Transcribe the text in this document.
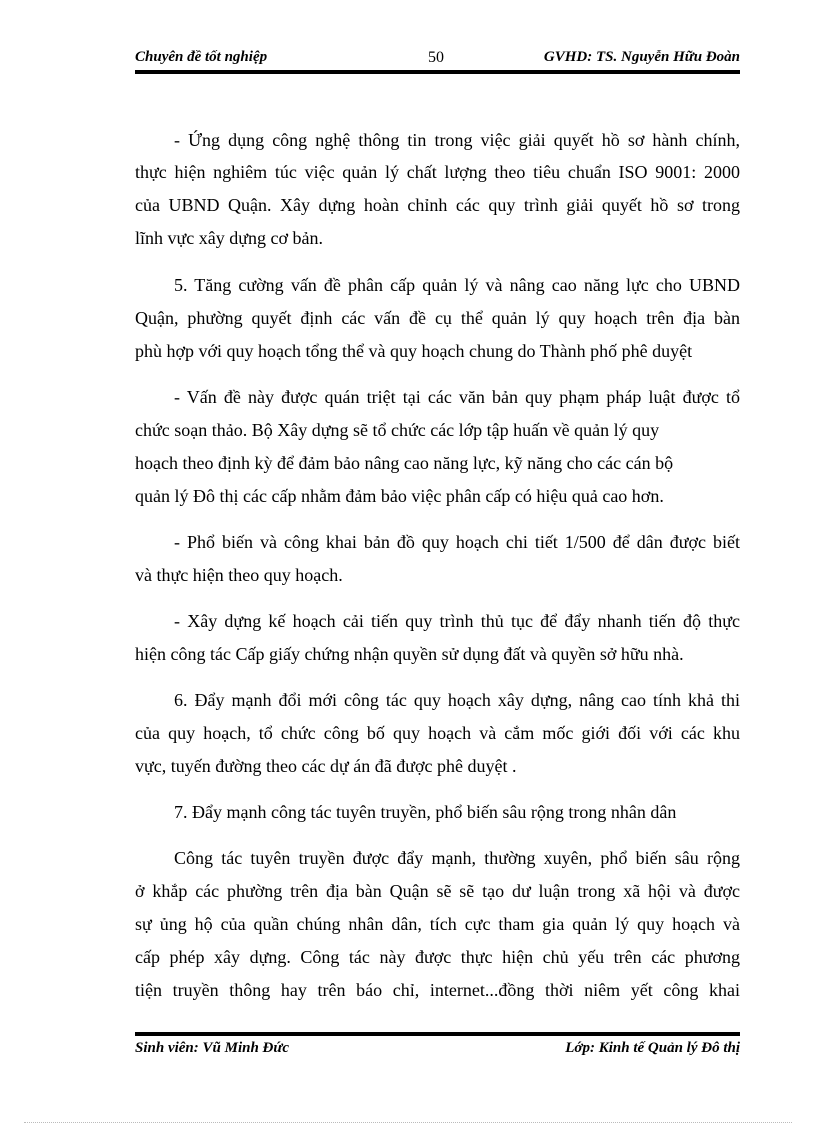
Chuyên đề tốt nghiệp	50	GVHD: TS. Nguyễn Hữu Đoàn
- Ứng dụng công nghệ thông tin trong việc giải quyết hồ sơ hành chính,
thực hiện nghiêm túc việc quản lý chất lượng theo tiêu chuẩn ISO 9001: 2000
của UBND Quận. Xây dựng hoàn chỉnh các quy trình giải quyết hồ sơ trong
lĩnh vực xây dựng cơ bản.
5. Tăng cường vấn đề phân cấp quản lý và nâng cao năng lực cho UBND
Quận, phường quyết định các vấn đề cụ thể quản lý quy hoạch trên địa bàn
phù hợp với quy hoạch tổng thể và quy hoạch chung do Thành phố phê duyệt
- Vấn đề này được quán triệt tại các văn bản quy phạm pháp luật được tổ
chức soạn thảo. Bộ Xây dựng sẽ tổ chức các lớp tập huấn về quản lý quy
hoạch theo định kỳ để đảm bảo nâng cao năng lực, kỹ năng cho các cán bộ
quản lý Đô thị các cấp nhằm đảm bảo việc phân cấp có hiệu quả cao hơn.
- Phổ biến và công khai bản đồ quy hoạch chi tiết 1/500 để dân được biết
và thực hiện theo quy hoạch.
- Xây dựng kế hoạch cải tiến quy trình thủ tục để đẩy nhanh tiến độ thực
hiện công tác Cấp giấy chứng nhận quyền sử dụng đất và quyền sở hữu nhà.
6. Đẩy mạnh đổi mới công tác quy hoạch xây dựng, nâng cao tính khả thi
của quy hoạch, tổ chức công bố quy hoạch và cắm mốc giới đối với các khu
vực, tuyến đường theo các dự án đã được phê duyệt .
7. Đẩy mạnh công tác tuyên truyền, phổ biến sâu rộng trong nhân dân
Công tác tuyên truyền được đẩy mạnh, thường xuyên, phổ biến sâu rộng
ở khắp các phường trên địa bàn Quận sẽ sẽ tạo dư luận trong xã hội và được
sự ủng hộ của quần chúng nhân dân, tích cực tham gia quản lý quy hoạch và
cấp phép xây dựng. Công tác này được thực hiện chủ yếu trên các phương
tiện truyền thông hay trên báo chỉ, internet...đồng thời niêm yết công khai
Sinh viên: Vũ Minh Đức	Lớp: Kinh tế Quản lý Đô thị
